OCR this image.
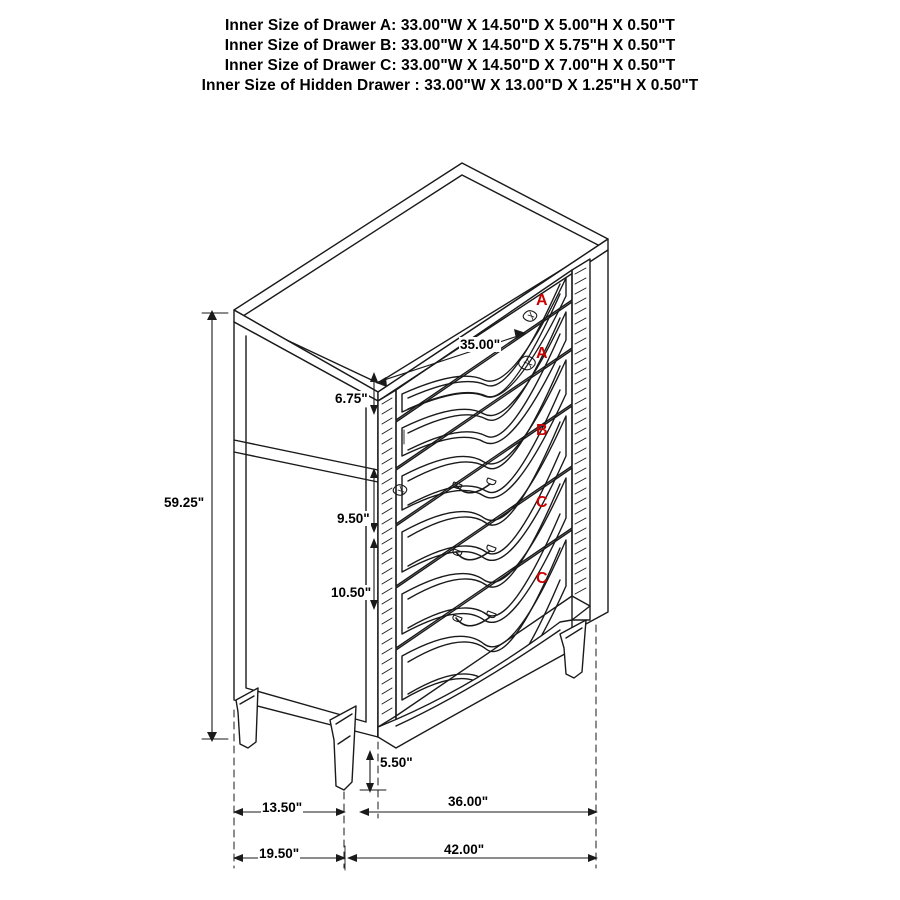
Inner Size of Drawer A: 33.00"W X 14.50"D X 5.00"H X 0.50"T
Inner Size of Drawer B: 33.00"W X 14.50"D X 5.75"H X 0.50"T
Inner Size of Drawer C: 33.00"W X 14.50"D X 7.00"H X 0.50"T
Inner Size of Hidden Drawer : 33.00"W X 13.00"D X 1.25"H X 0.50"T
59.25"
35.00"
6.75"
9.50"
10.50"
5.50"
13.50"	36.00"
19.50"	42.00"
A
A
B
C
C
